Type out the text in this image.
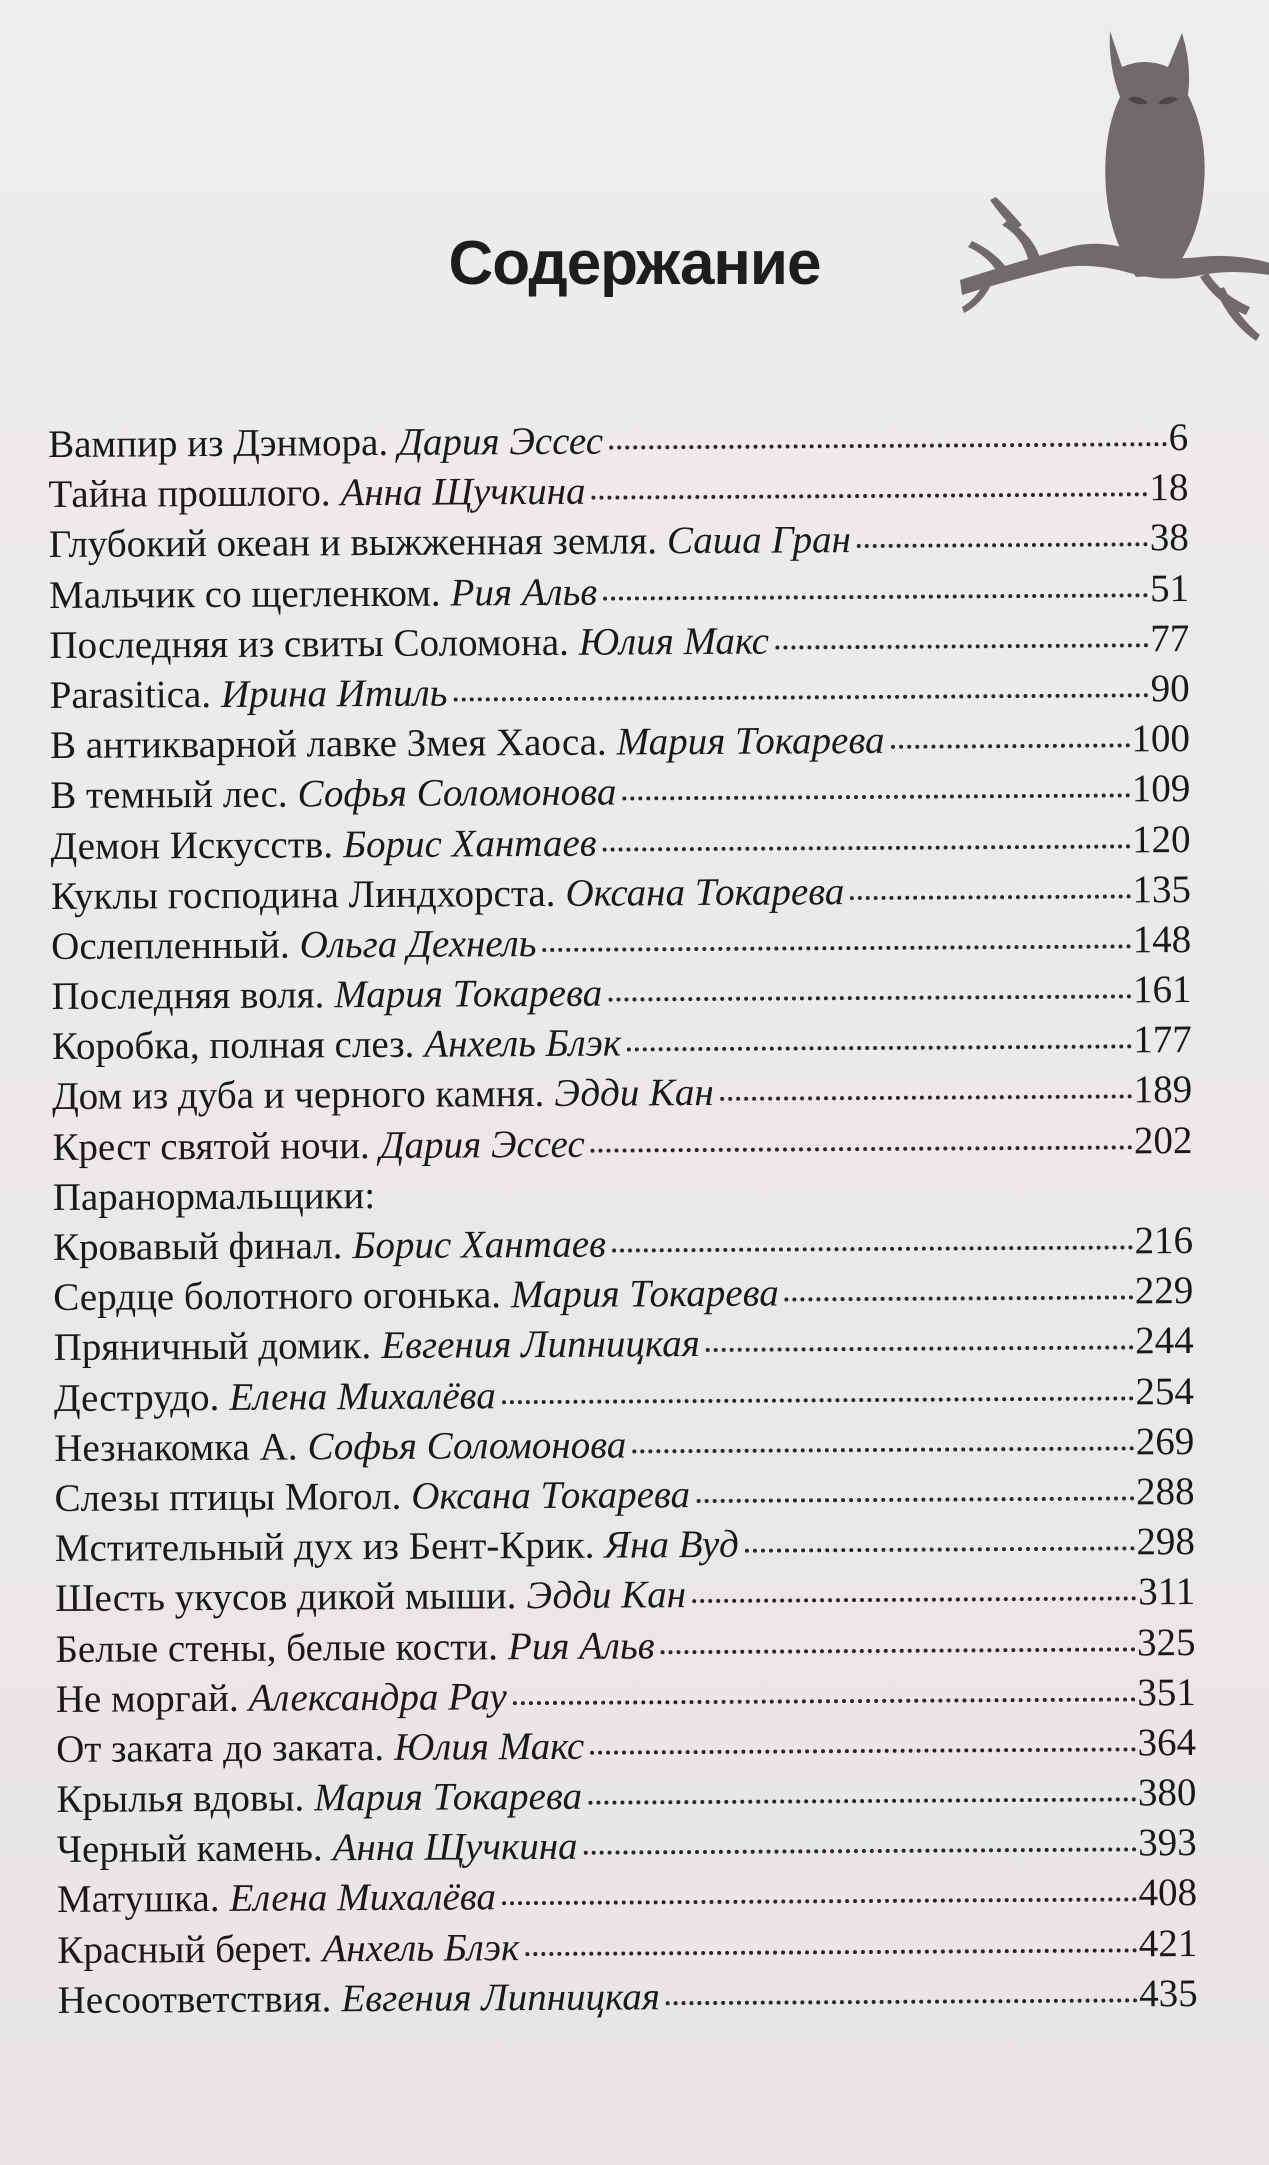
Содержание
Вампир из Дэнмора. Дария Эссес	6
Тайна прошлого. Анна Щучкина	18
Глубокий океан и выжженная земля. Саша Гран	38
Мальчик со щегленком. Рия Альв	51
Последняя из свиты Соломона. Юлия Макс	77
Parasitica. Ирина Итиль	90
В антикварной лавке Змея Хаоса. Мария Токарева	100
В темный лес. Софья Соломонова	109
Демон Искусств. Борис Хантаев	120
Куклы господина Линдхорста. Оксана Токарева	135
Ослепленный. Ольга Дехнель	148
Последняя воля. Мария Токарева	161
Коробка, полная слез. Анхель Блэк	177
Дом из дуба и черного камня. Эдди Кан	189
Крест святой ночи. Дария Эссес	202
Паранормальщики:
Кровавый финал. Борис Хантаев	216
Сердце болотного огонька. Мария Токарева	229
Пряничный домик. Евгения Липницкая	244
Деструдо. Елена Михалёва	254
Незнакомка А. Софья Соломонова	269
Слезы птицы Могол. Оксана Токарева	288
Мстительный дух из Бент-Крик. Яна Вуд	298
Шесть укусов дикой мыши. Эдди Кан	311
Белые стены, белые кости. Рия Альв	325
Не моргай. Александра Рау	351
От заката до заката. Юлия Макс	364
Крылья вдовы. Мария Токарева	380
Черный камень. Анна Щучкина	393
Матушка. Елена Михалёва	408
Красный берет. Анхель Блэк	421
Несоответствия. Евгения Липницкая	435
